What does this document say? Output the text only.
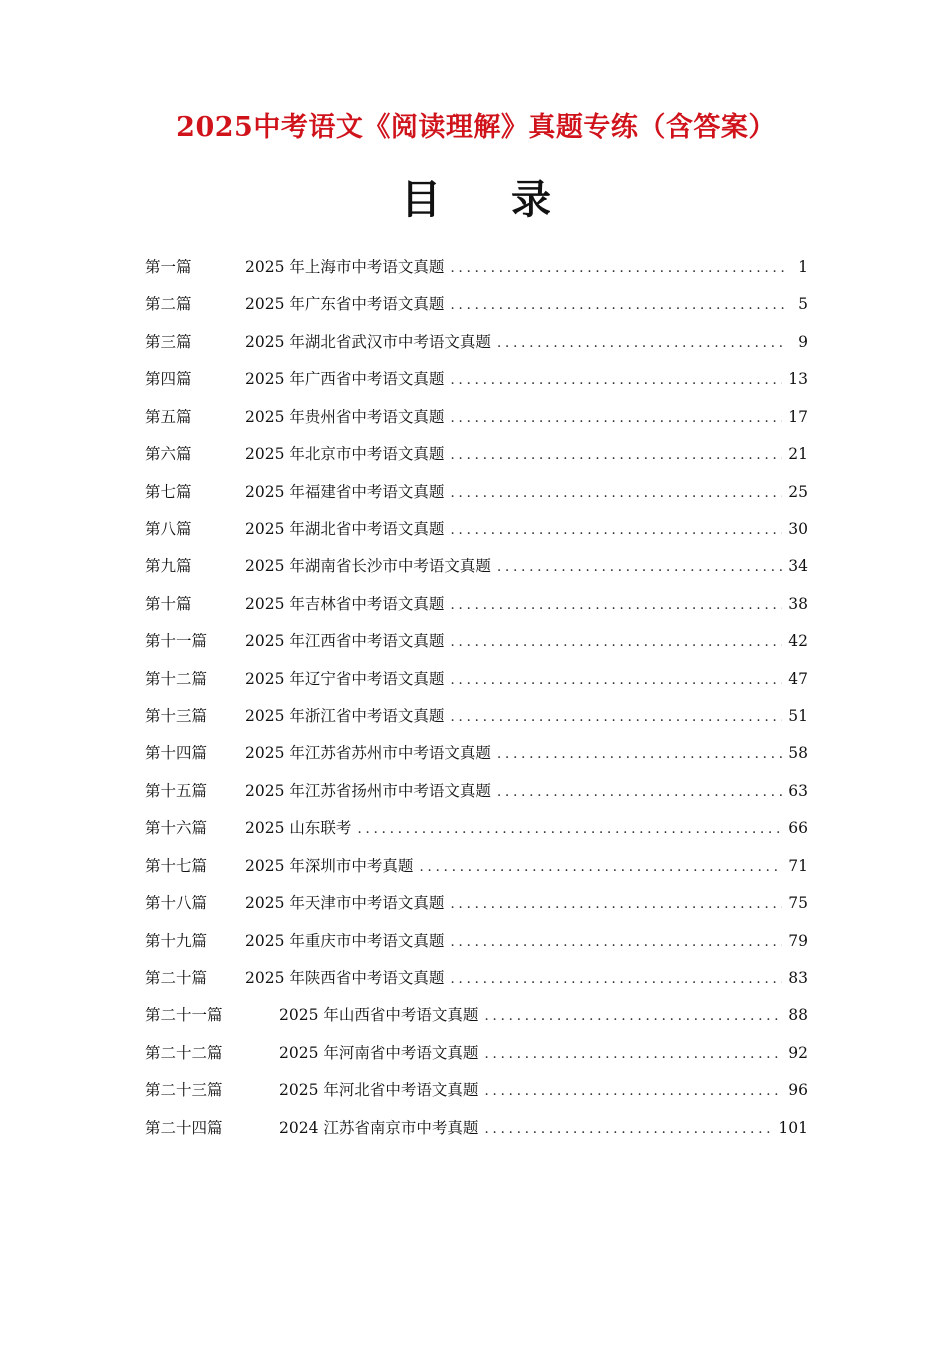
2025中考语文《阅读理解》真题专练（含答案）
目 录
第一篇	2025 年上海市中考语文真题 .....	1
第二篇	2025 年广东省中考语文真题 .....	5
第三篇	2025 年湖北省武汉市中考语文真题 .....	9
第四篇	2025 年广西省中考语文真题 .....	13
第五篇	2025 年贵州省中考语文真题 .....	17
第六篇	2025 年北京市中考语文真题 .....	21
第七篇	2025 年福建省中考语文真题 .....	25
第八篇	2025 年湖北省中考语文真题 .....	30
第九篇	2025 年湖南省长沙市中考语文真题 .....	34
第十篇	2025 年吉林省中考语文真题 .....	38
第十一篇	2025 年江西省中考语文真题 .....	42
第十二篇	2025 年辽宁省中考语文真题 .....	47
第十三篇	2025 年浙江省中考语文真题 .....	51
第十四篇	2025 年江苏省苏州市中考语文真题 .....	58
第十五篇	2025 年江苏省扬州市中考语文真题 .....	63
第十六篇	2025 山东联考 .....	66
第十七篇	2025 年深圳市中考真题 .....	71
第十八篇	2025 年天津市中考语文真题 .....	75
第十九篇	2025 年重庆市中考语文真题 .....	79
第二十篇	2025 年陕西省中考语文真题 .....	83
第二十一篇	2025 年山西省中考语文真题 .....	88
第二十二篇	2025 年河南省中考语文真题 .....	92
第二十三篇	2025 年河北省中考语文真题 .....	96
第二十四篇	2024 江苏省南京市中考真题 .....	101
